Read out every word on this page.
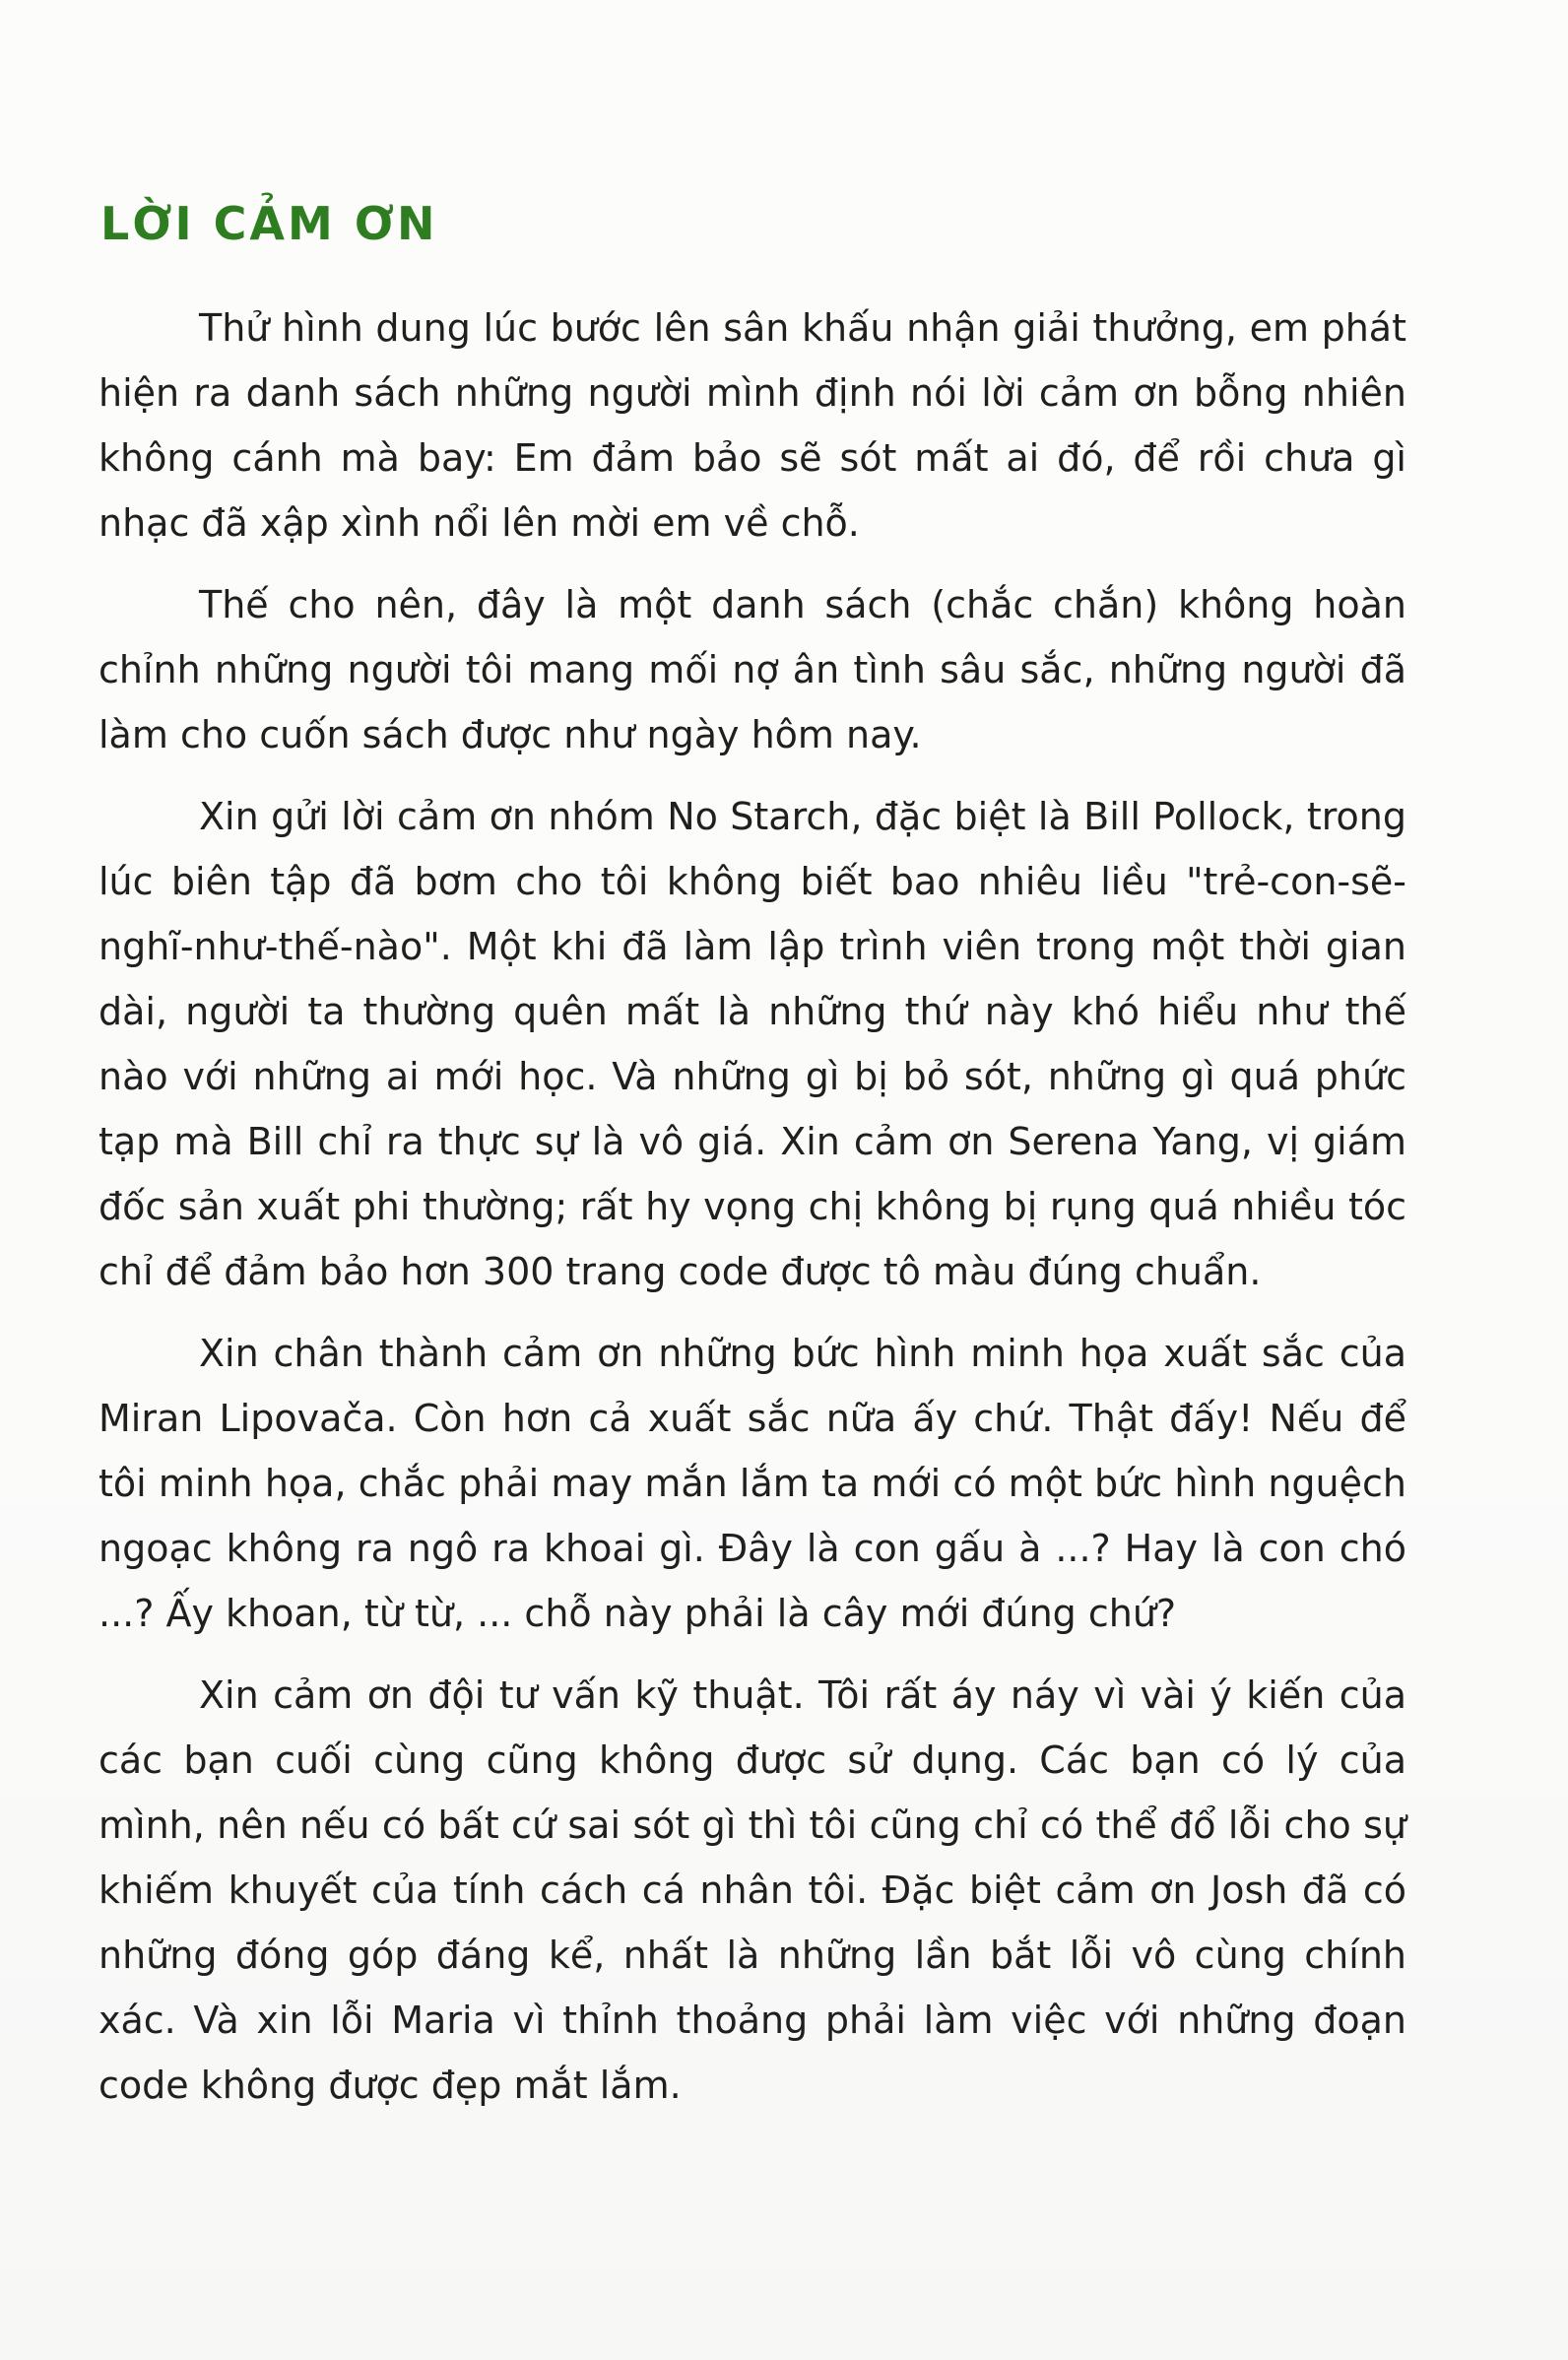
LỜI CẢM ƠN

Thử hình dung lúc bước lên sân khấu nhận giải thưởng, em phát hiện ra danh sách những người mình định nói lời cảm ơn bỗng nhiên không cánh mà bay: Em đảm bảo sẽ sót mất ai đó, để rồi chưa gì nhạc đã xập xình nổi lên mời em về chỗ.

Thế cho nên, đây là một danh sách (chắc chắn) không hoàn chỉnh những người tôi mang mối nợ ân tình sâu sắc, những người đã làm cho cuốn sách được như ngày hôm nay.

Xin gửi lời cảm ơn nhóm No Starch, đặc biệt là Bill Pollock, trong lúc biên tập đã bơm cho tôi không biết bao nhiêu liều "trẻ-con-sẽ-nghĩ-như-thế-nào". Một khi đã làm lập trình viên trong một thời gian dài, người ta thường quên mất là những thứ này khó hiểu như thế nào với những ai mới học. Và những gì bị bỏ sót, những gì quá phức tạp mà Bill chỉ ra thực sự là vô giá. Xin cảm ơn Serena Yang, vị giám đốc sản xuất phi thường; rất hy vọng chị không bị rụng quá nhiều tóc chỉ để đảm bảo hơn 300 trang code được tô màu đúng chuẩn.

Xin chân thành cảm ơn những bức hình minh họa xuất sắc của Miran Lipovača. Còn hơn cả xuất sắc nữa ấy chứ. Thật đấy! Nếu để tôi minh họa, chắc phải may mắn lắm ta mới có một bức hình nguệch ngoạc không ra ngô ra khoai gì. Đây là con gấu à ...? Hay là con chó ...? Ấy khoan, từ từ, ... chỗ này phải là cây mới đúng chứ?

Xin cảm ơn đội tư vấn kỹ thuật. Tôi rất áy náy vì vài ý kiến của các bạn cuối cùng cũng không được sử dụng. Các bạn có lý của mình, nên nếu có bất cứ sai sót gì thì tôi cũng chỉ có thể đổ lỗi cho sự khiếm khuyết của tính cách cá nhân tôi. Đặc biệt cảm ơn Josh đã có những đóng góp đáng kể, nhất là những lần bắt lỗi vô cùng chính xác. Và xin lỗi Maria vì thỉnh thoảng phải làm việc với những đoạn code không được đẹp mắt lắm.
